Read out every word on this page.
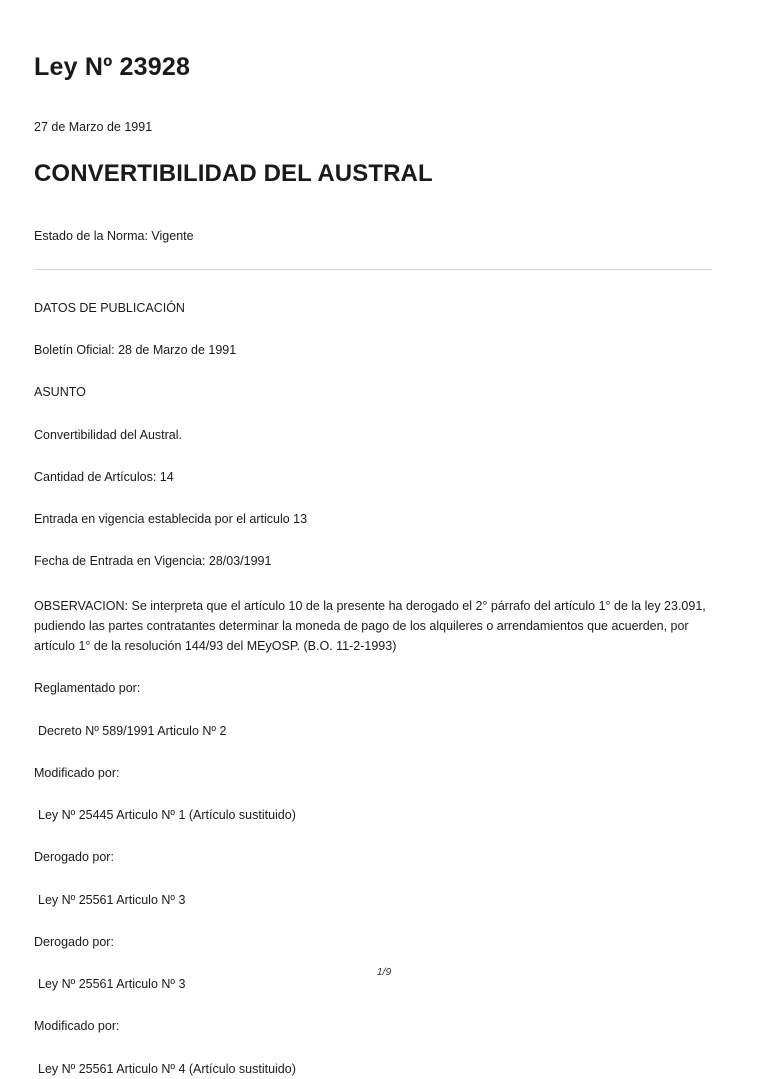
Ley Nº 23928

27 de Marzo de 1991

CONVERTIBILIDAD DEL AUSTRAL

Estado de la Norma: Vigente

DATOS DE PUBLICACIÓN

Boletín Oficial: 28 de Marzo de 1991

ASUNTO

Convertibilidad del Austral.

Cantidad de Artículos: 14

Entrada en vigencia establecida por el articulo 13

Fecha de Entrada en Vigencia: 28/03/1991

OBSERVACION: Se interpreta que el artículo 10 de la presente ha derogado el 2° párrafo del artículo 1° de la ley 23.091, pudiendo las partes contratantes determinar la moneda de pago de los alquileres o arrendamientos que acuerden, por artículo 1° de la resolución 144/93 del MEyOSP. (B.O. 11-2-1993)

Reglamentado por:

Decreto Nº 589/1991 Articulo Nº 2

Modificado por:

Ley Nº 25445 Articulo Nº 1 (Artículo sustituido)

Derogado por:

Ley Nº 25561 Articulo Nº 3

Derogado por:

Ley Nº 25561 Articulo Nº 3

Modificado por:

Ley Nº 25561 Articulo Nº 4 (Artículo sustituido)

1/9
